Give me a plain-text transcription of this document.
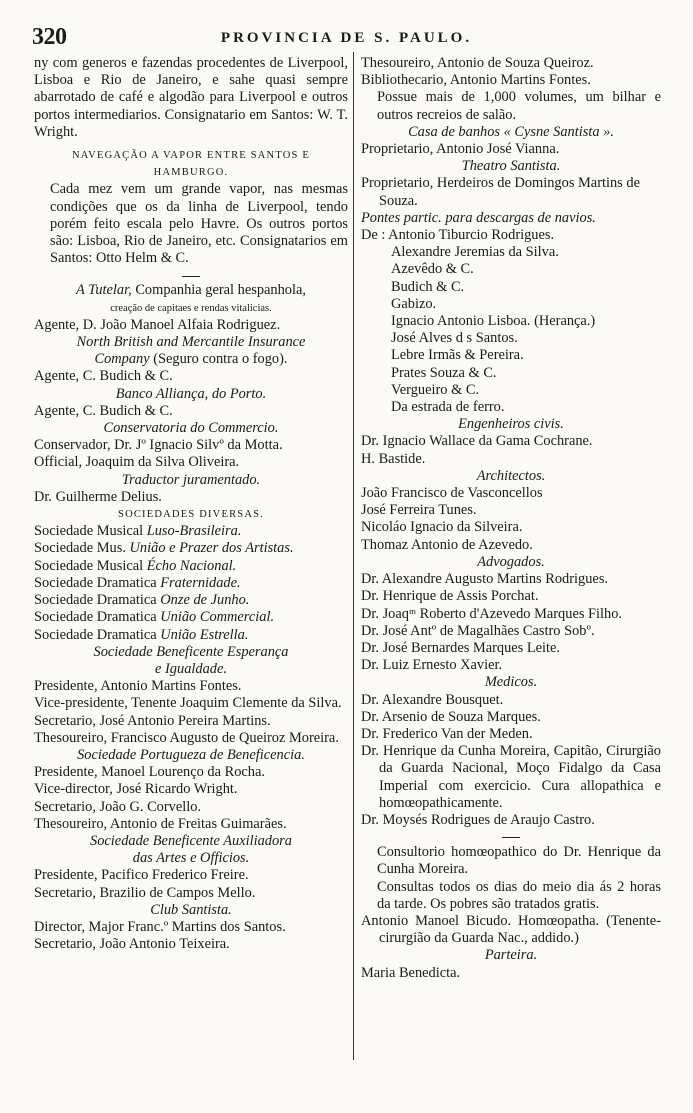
320	PROVINCIA DE S. PAULO.

ny com generos e fazendas procedentes de Liverpool, Lisboa e Rio de Janeiro, e sahe quasi sempre abarrotado de café e algodão para Liverpool e outros portos intermediarios. Consignatario em Santos: W. T. Wright.

NAVEGAÇÃO A VAPOR ENTRE SANTOS E HAMBURGO.

Cada mez vem um grande vapor, nas mesmas condições que os da linha de Liverpool, tendo porém feito escala pelo Havre. Os outros portos são: Lisboa, Rio de Janeiro, etc. Consignatarios em Santos: Otto Helm & C.

A Tutelar, Companhia geral hespanhola,

creação de capitaes e rendas vitalicias.

Agente, D. João Manoel Alfaia Rodriguez.

North British and Mercantile Insurance

Company (Seguro contra o fogo).

Agente, C. Budich & C.

Banco Alliança, do Porto.

Agente, C. Budich & C.

Conservatoria do Commercio.

Conservador, Dr. Jº Ignacio Silvº da Motta.

Official, Joaquim da Silva Oliveira.

Traductor juramentado.

Dr. Guilherme Delius.

SOCIEDADES DIVERSAS.

Sociedade Musical Luso-Brasileira.

Sociedade Mus. União e Prazer dos Artistas.

Sociedade Musical Écho Nacional.

Sociedade Dramatica Fraternidade.

Sociedade Dramatica Onze de Junho.

Sociedade Dramatica União Commercial.

Sociedade Dramatica União Estrella.

Sociedade Beneficente Esperança

e Igualdade.

Presidente, Antonio Martins Fontes.

Vice-presidente, Tenente Joaquim Clemente da Silva.

Secretario, José Antonio Pereira Martins.

Thesoureiro, Francisco Augusto de Queiroz Moreira.

Sociedade Portugueza de Beneficencia.

Presidente, Manoel Lourenço da Rocha.

Vice-director, José Ricardo Wright.

Secretario, João G. Corvello.

Thesoureiro, Antonio de Freitas Guimarães.

Sociedade Beneficente Auxiliadora

das Artes e Officios.

Presidente, Pacifico Frederico Freire.

Secretario, Brazilio de Campos Mello.

Club Santista.

Director, Major Franc.º Martins dos Santos.

Secretario, João Antonio Teixeira.

Thesoureiro, Antonio de Souza Queiroz.

Bibliothecario, Antonio Martins Fontes.

Possue mais de 1,000 volumes, um bilhar e outros recreios de salão.

Casa de banhos « Cysne Santista ».

Proprietario, Antonio José Vianna.

Theatro Santista.

Proprietario, Herdeiros de Domingos Martins de Souza.

Pontes partic. para descargas de navios.

De : Antonio Tiburcio Rodrigues.

Alexandre Jeremias da Silva.

Azevêdo & C.

Budich & C.

Gabizo.

Ignacio Antonio Lisboa. (Herança.)

José Alves d s Santos.

Lebre Irmãs & Pereira.

Prates Souza & C.

Vergueiro & C.

Da estrada de ferro.

Engenheiros civis.

Dr. Ignacio Wallace da Gama Cochrane.

H. Bastide.

Architectos.

João Francisco de Vasconcellos

José Ferreira Tunes.

Nicoláo Ignacio da Silveira.

Thomaz Antonio de Azevedo.

Advogados.

Dr. Alexandre Augusto Martins Rodrigues.

Dr. Henrique de Assis Porchat.

Dr. Joaqᵐ Roberto d'Azevedo Marques Filho.

Dr. José Antº de Magalhães Castro Sobº.

Dr. José Bernardes Marques Leite.

Dr. Luiz Ernesto Xavier.

Medicos.

Dr. Alexandre Bousquet.

Dr. Arsenio de Souza Marques.

Dr. Frederico Van der Meden.

Dr. Henrique da Cunha Moreira, Capitão, Cirurgião da Guarda Nacional, Moço Fidalgo da Casa Imperial com exercicio. Cura allopathica e homœopathicamente.

Dr. Moysés Rodrigues de Araujo Castro.

Consultorio homœopathico do Dr. Henrique da Cunha Moreira.

Consultas todos os dias do meio dia ás 2 horas da tarde. Os pobres são tratados gratis.

Antonio Manoel Bicudo. Homœopatha. (Tenente-cirurgião da Guarda Nac., addido.)

Parteira.

Maria Benedicta.
